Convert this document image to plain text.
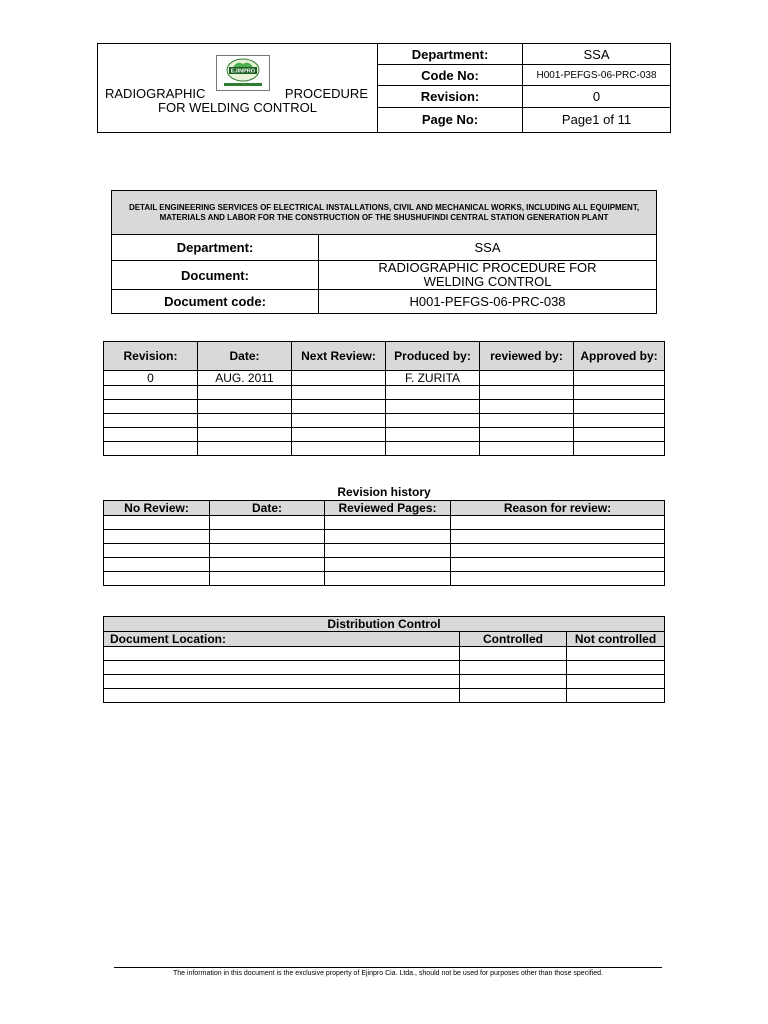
RADIOGRAPHIC PROCEDURE
FOR WELDING CONTROL	Department:	SSA
	Code No:	H001-PEFGS-06-PRC-038
	Revision:	0
	Page No:	Page1 of 11
EJINPRO
DETAIL ENGINEERING SERVICES OF ELECTRICAL INSTALLATIONS, CIVIL AND MECHANICAL WORKS, INCLUDING ALL EQUIPMENT, MATERIALS AND LABOR FOR THE CONSTRUCTION OF THE SHUSHUFINDI CENTRAL STATION GENERATION PLANT	
Department:	SSA
Document:	RADIOGRAPHIC PROCEDURE FOR WELDING CONTROL
Document code:	H001-PEFGS-06-PRC-038
Revision:	Date:	Next Review:	Produced by:	reviewed by:	Approved by:
0	AUG. 2011		F. ZURITA		

Revision history
No Review:	Date:	Reviewed Pages:	Reason for review:

Distribution Control		
Document Location:	Controlled	Not controlled

The information in this document is the exclusive property of Ejinpro Cia. Ltda., should not be used for purposes other than those specified.
